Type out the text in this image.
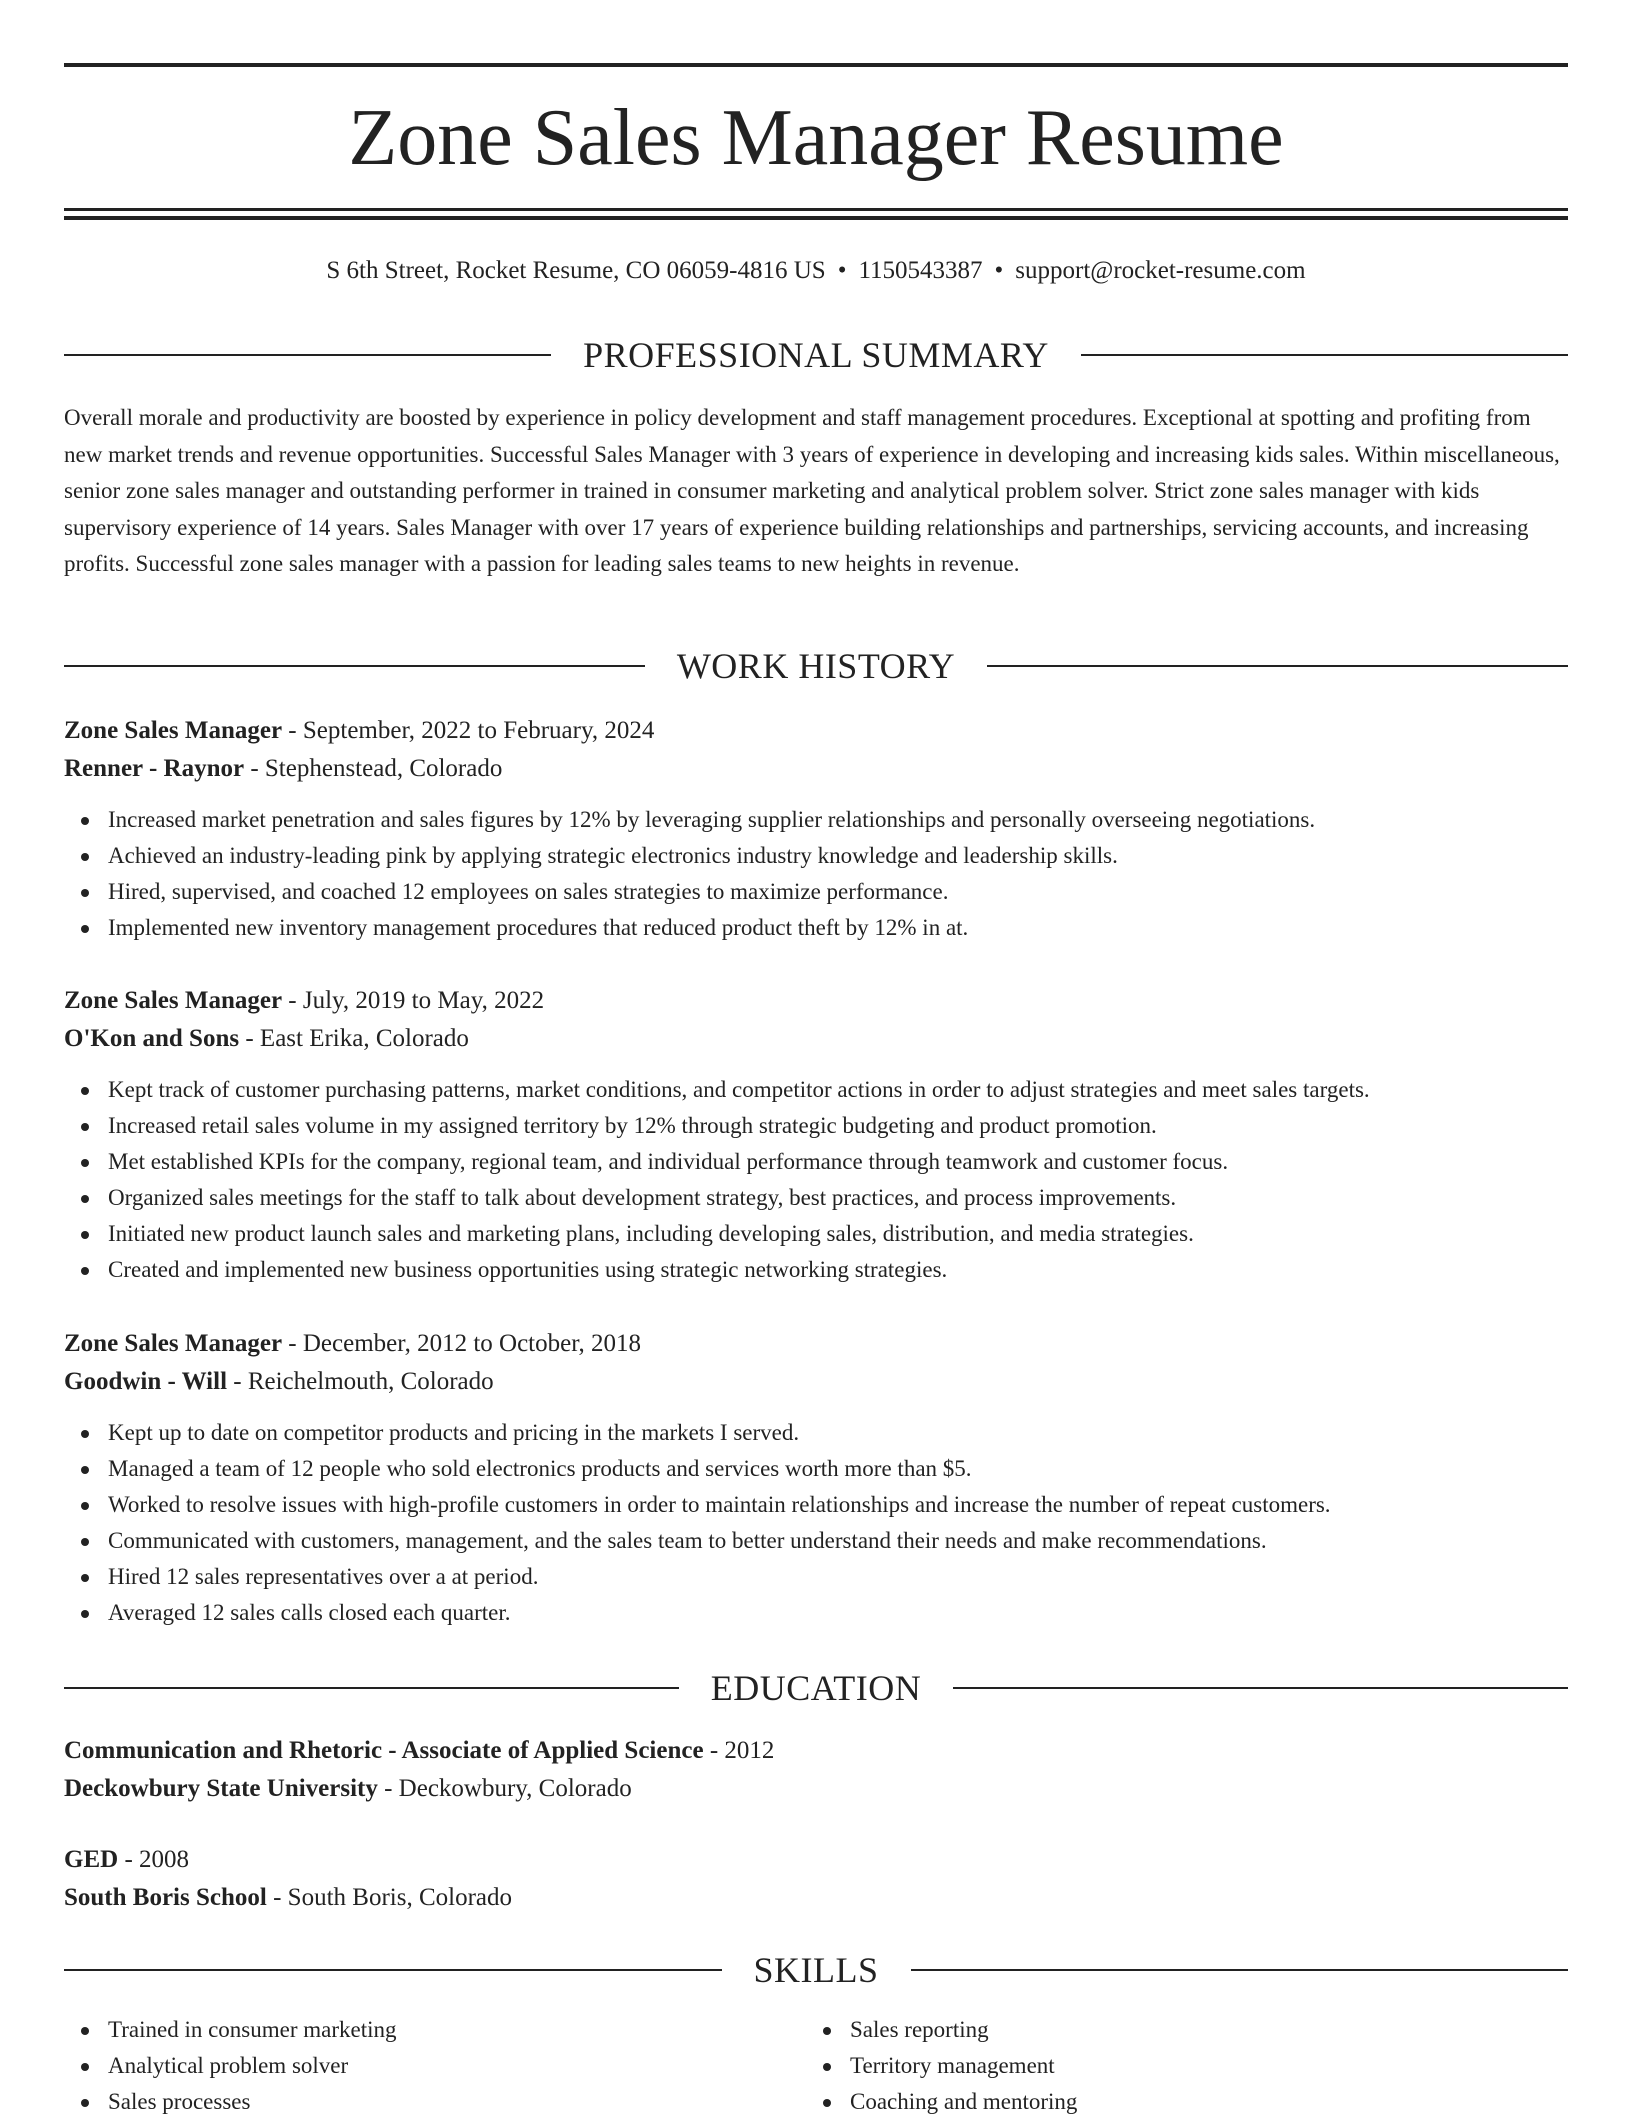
Zone Sales Manager Resume
S 6th Street, Rocket Resume, CO 06059-4816 US • 1150543387 • support@rocket-resume.com
PROFESSIONAL SUMMARY

Overall morale and productivity are boosted by experience in policy development and staff management procedures. Exceptional at spotting and profiting from new market trends and revenue opportunities. Successful Sales Manager with 3 years of experience in developing and increasing kids sales. Within miscellaneous, senior zone sales manager and outstanding performer in trained in consumer marketing and analytical problem solver. Strict zone sales manager with kids supervisory experience of 14 years. Sales Manager with over 17 years of experience building relationships and partnerships, servicing accounts, and increasing profits. Successful zone sales manager with a passion for leading sales teams to new heights in revenue.

WORK HISTORY
Zone Sales Manager - September, 2022 to February, 2024
Renner - Raynor - Stephenstead, Colorado
Increased market penetration and sales figures by 12% by leveraging supplier relationships and personally overseeing negotiations.
Achieved an industry-leading pink by applying strategic electronics industry knowledge and leadership skills.
Hired, supervised, and coached 12 employees on sales strategies to maximize performance.
Implemented new inventory management procedures that reduced product theft by 12% in at.
Zone Sales Manager - July, 2019 to May, 2022
O'Kon and Sons - East Erika, Colorado
Kept track of customer purchasing patterns, market conditions, and competitor actions in order to adjust strategies and meet sales targets.
Increased retail sales volume in my assigned territory by 12% through strategic budgeting and product promotion.
Met established KPIs for the company, regional team, and individual performance through teamwork and customer focus.
Organized sales meetings for the staff to talk about development strategy, best practices, and process improvements.
Initiated new product launch sales and marketing plans, including developing sales, distribution, and media strategies.
Created and implemented new business opportunities using strategic networking strategies.
Zone Sales Manager - December, 2012 to October, 2018
Goodwin - Will - Reichelmouth, Colorado
Kept up to date on competitor products and pricing in the markets I served.
Managed a team of 12 people who sold electronics products and services worth more than $5.
Worked to resolve issues with high-profile customers in order to maintain relationships and increase the number of repeat customers.
Communicated with customers, management, and the sales team to better understand their needs and make recommendations.
Hired 12 sales representatives over a at period.
Averaged 12 sales calls closed each quarter.
EDUCATION
Communication and Rhetoric - Associate of Applied Science - 2012
Deckowbury State University - Deckowbury, Colorado
GED - 2008
South Boris School - South Boris, Colorado
SKILLS
Trained in consumer marketing
Analytical problem solver
Sales processes
Sales reporting
Territory management
Coaching and mentoring
